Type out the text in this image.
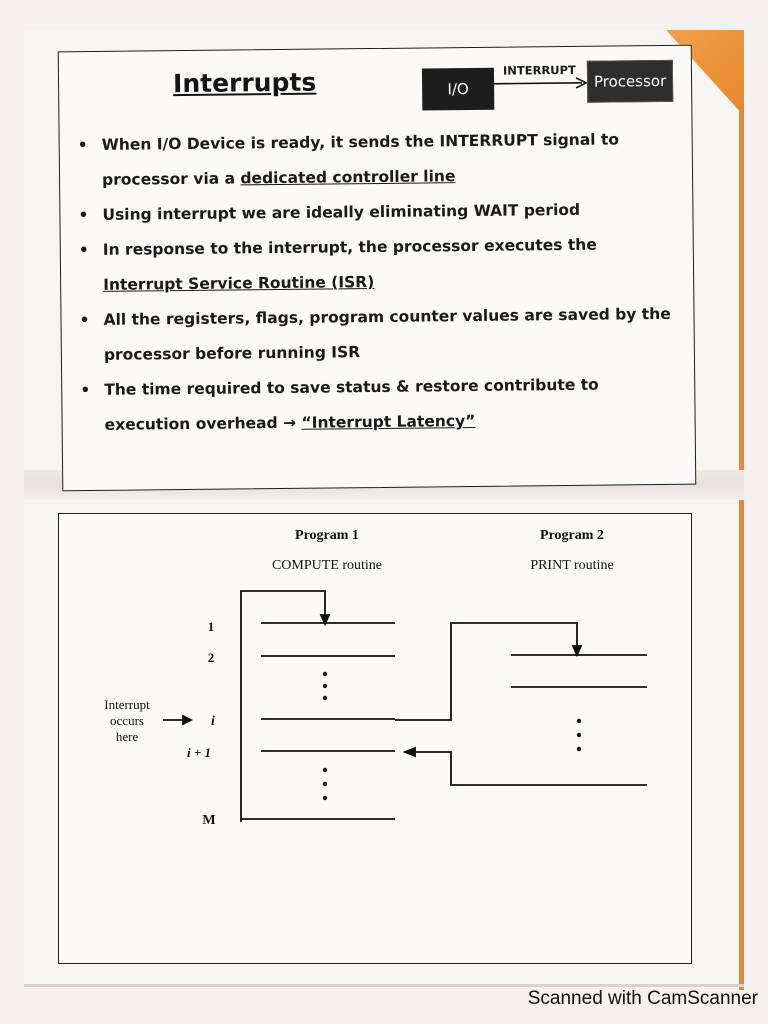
Interrupts	I/O
INTERRUPT
Processor
• When I/O Device is ready, it sends the INTERRUPT signal to processor via a dedicated controller line
• Using interrupt we are ideally eliminating WAIT period
• In response to the interrupt, the processor executes the Interrupt Service Routine (ISR)
• All the registers, flags, program counter values are saved by the processor before running ISR
• The time required to save status & restore contribute to execution overhead → “Interrupt Latency”
Program 1
COMPUTE routine
Program 2
PRINT routine
1
2
i
i + 1
M
Interrupt
occurs
here
Scanned with CamScanner
